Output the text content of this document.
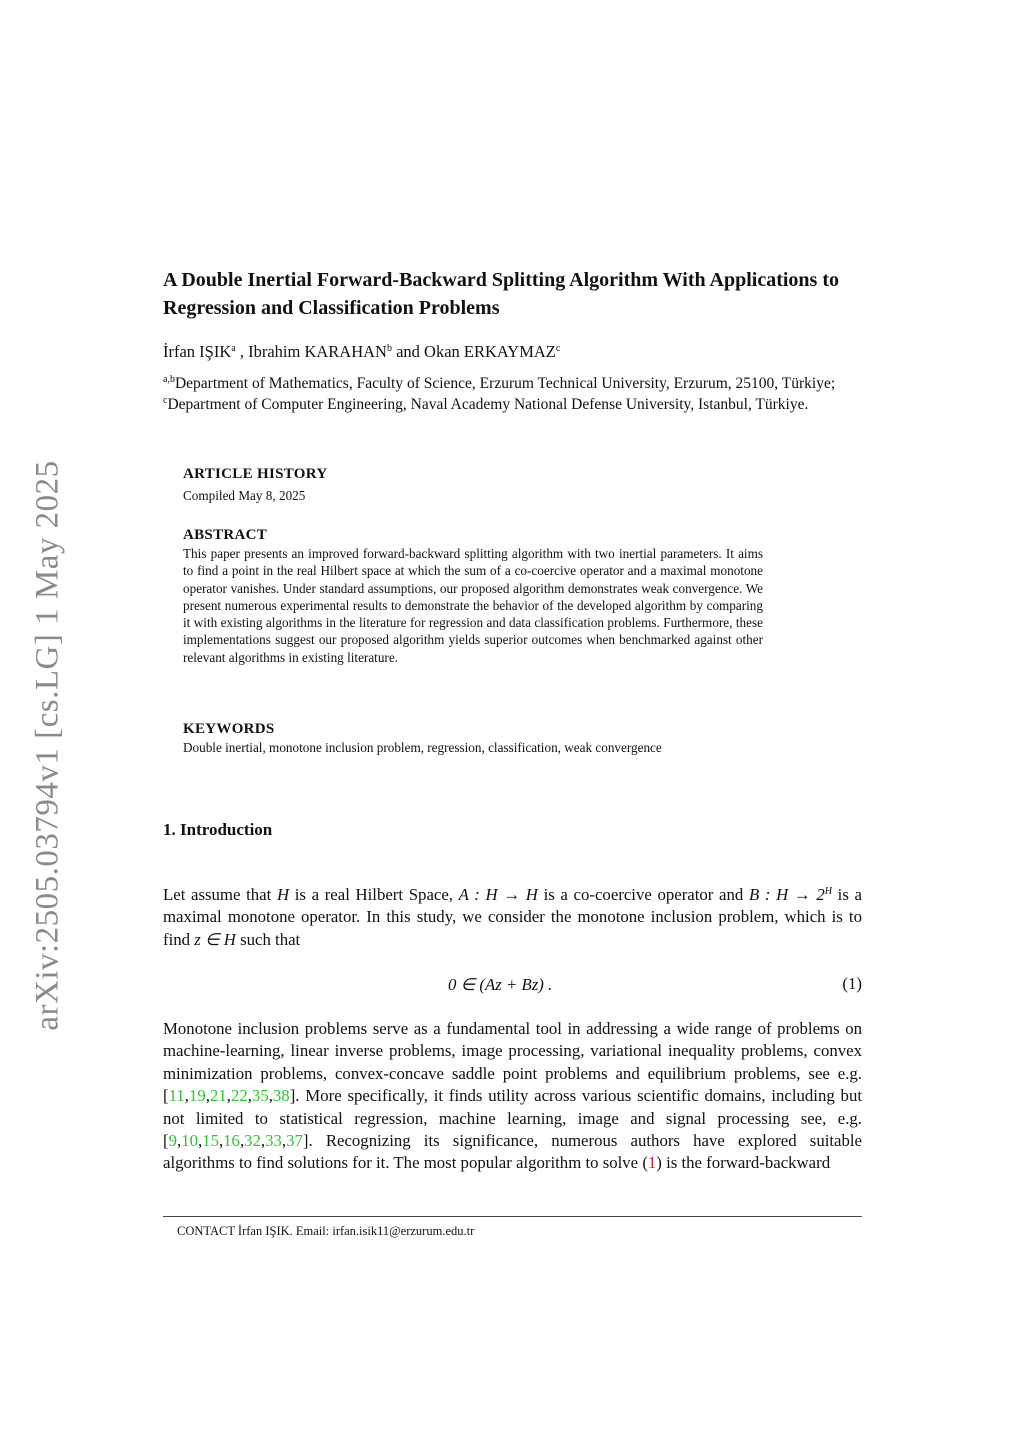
arXiv:2505.03794v1 [cs.LG] 1 May 2025
A Double Inertial Forward-Backward Splitting Algorithm With Applications to Regression and Classification Problems
İrfan IŞIK$^a$ , Ibrahim KARAHAN$^b$ and Okan ERKAYMAZ$^c$
$^{a,b}$Department of Mathematics, Faculty of Science, Erzurum Technical University, Erzurum, 25100, Türkiye; $^c$Department of Computer Engineering, Naval Academy National Defense University, Istanbul, Türkiye.
ARTICLE HISTORY
Compiled May 8, 2025
ABSTRACT
This paper presents an improved forward-backward splitting algorithm with two inertial parameters. It aims to find a point in the real Hilbert space at which the sum of a co-coercive operator and a maximal monotone operator vanishes. Under standard assumptions, our proposed algorithm demonstrates weak convergence. We present numerous experimental results to demonstrate the behavior of the developed algorithm by comparing it with existing algorithms in the literature for regression and data classification problems. Furthermore, these implementations suggest our proposed algorithm yields superior outcomes when benchmarked against other relevant algorithms in existing literature.
KEYWORDS
Double inertial, monotone inclusion problem, regression, classification, weak convergence
1. Introduction

Let assume that H is a real Hilbert Space, A : H → H is a co-coercive operator and B : $H \to 2^H$ is a maximal monotone operator. In this study, we consider the monotone inclusion problem, which is to find z ∈ H such that

0 ∈ (Az + Bz) .	(1)

Monotone inclusion problems serve as a fundamental tool in addressing a wide range of problems on machine-learning, linear inverse problems, image processing, variational inequality problems, convex minimization problems, convex-concave saddle point problems and equilibrium problems, see e.g. [11,19,21,22,35,38]. More specifically, it finds utility across various scientific domains, including but not limited to statistical regression, machine learning, image and signal processing see, e.g. [9,10,15,16,32,33,37]. Recognizing its significance, numerous authors have explored suitable algorithms to find solutions for it. The most popular algorithm to solve (1) is the forward-backward

CONTACT İrfan IŞIK. Email: irfan.isik11@erzurum.edu.tr
